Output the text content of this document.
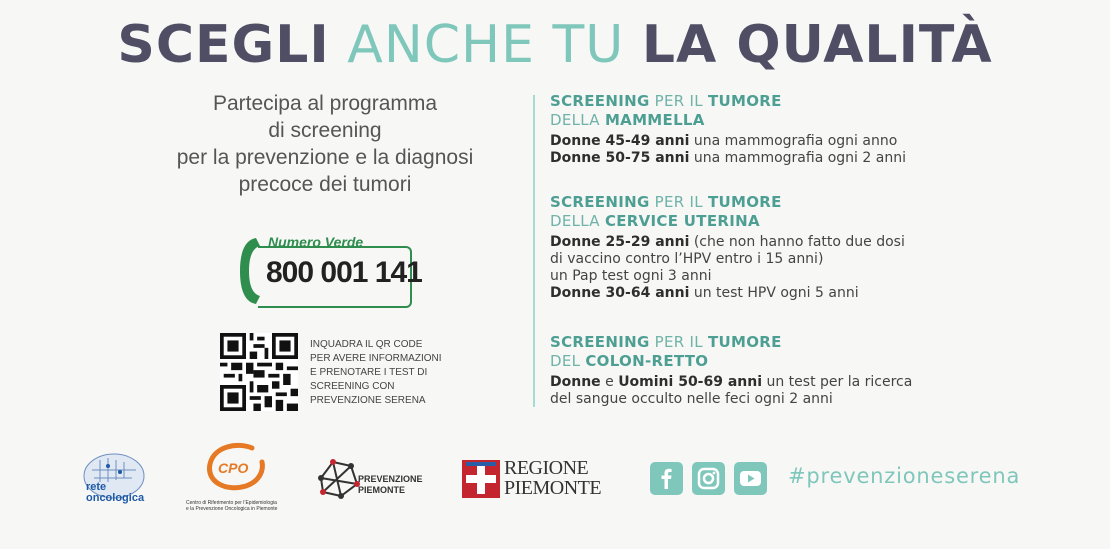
SCEGLI ANCHE TU LA QUALITÀ
Partecipa al programma
di screening
per la prevenzione e la diagnosi
precoce dei tumori
Numero Verde
800 001 141
INQUADRA IL QR CODE
PER AVERE INFORMAZIONI
E PRENOTARE I TEST DI
SCREENING CON
PREVENZIONE SERENA
SCREENING PER IL TUMORE
DELLA MAMMELLA
Donne 45-49 anni una mammografia ogni anno
Donne 50-75 anni una mammografia ogni 2 anni
SCREENING PER IL TUMORE
DELLA CERVICE UTERINA
Donne 25-29 anni (che non hanno fatto due dosi
di vaccino contro l’HPV entro i 15 anni)
un Pap test ogni 3 anni
Donne 30-64 anni un test HPV ogni 5 anni
SCREENING PER IL TUMORE
DEL COLON-RETTO
Donne e Uomini 50-69 anni un test per la ricerca
del sangue occulto nelle feci ogni 2 anni
rete
oncologica
CPO
Centro di Riferimento per l’Epidemiologia
e la Prevenzione Oncologica in Piemonte
PREVENZIONE
PIEMONTE
REGIONE
PIEMONTE	#prevenzioneserena
